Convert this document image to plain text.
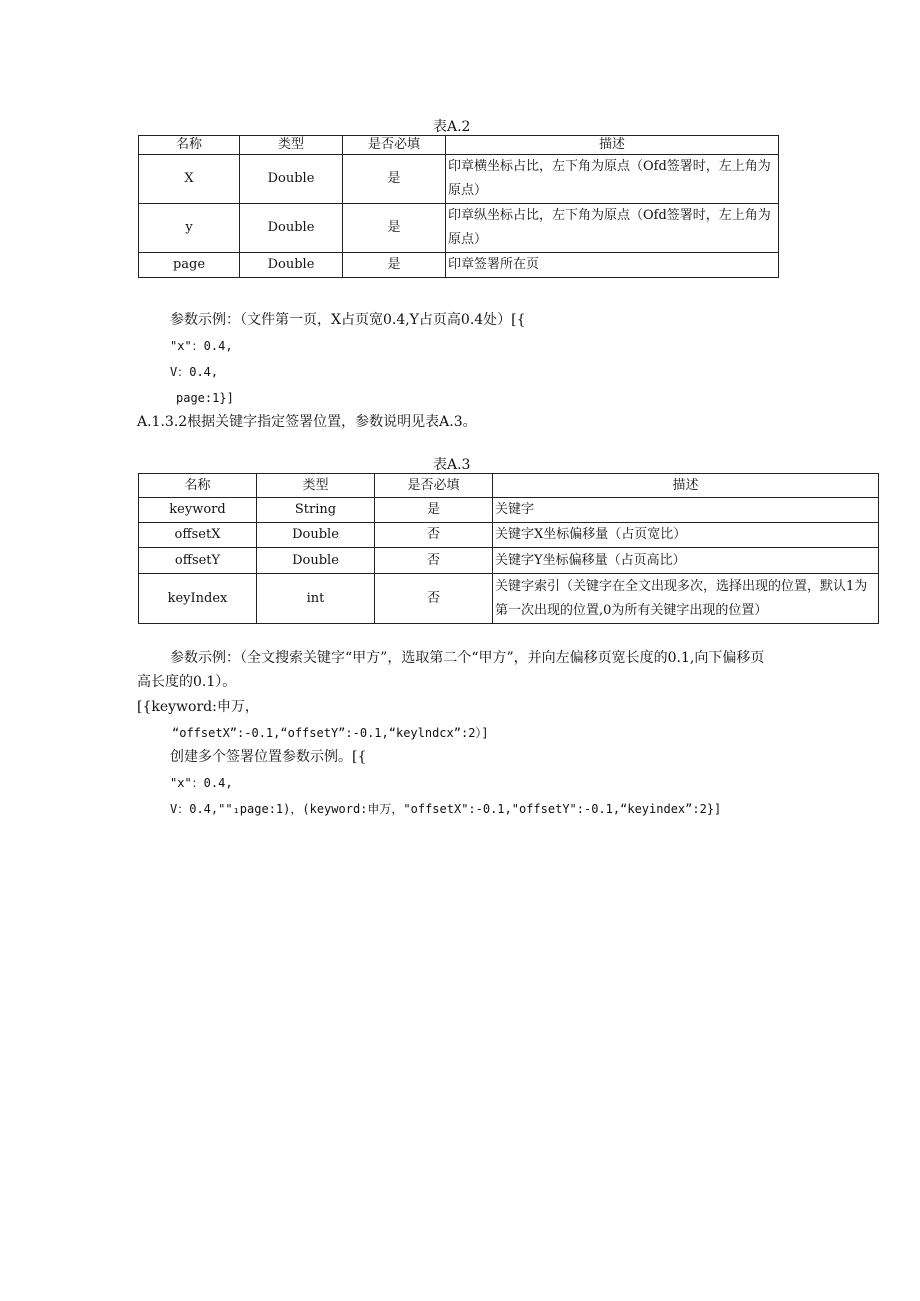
表A.2
名称	类型	是否必填	描述
X	Double	是	印章横坐标占比，左下角为原点（Ofd签署时，左上角为原点）
y	Double	是	印章纵坐标占比，左下角为原点（Ofd签署时，左上角为原点）
page	Double	是	印章签署所在页
参数示例：（文件第一页，X占页宽0.4,Y占页高0.4处）[{
"x"：0.4,
V：0.4,
page:1}]
A.1.3.2根据关键字指定签署位置，参数说明见表A.3。
表A.3
名称	类型	是否必填	描述
keyword	String	是	关键字
offsetX	Double	否	关键字X坐标偏移量（占页宽比）
offsetY	Double	否	关键字Y坐标偏移量（占页高比）
keyIndex	int	否	关键字索引（关键字在全文出现多次，选择出现的位置，默认1为第一次出现的位置,0为所有关键字出现的位置）
参数示例：（全文搜索关键字“甲方”，选取第二个“甲方”，并向左偏移页宽长度的0.1,向下偏移页
高长度的0.1）。
[{keyword:申万，
“offsetX”:-0.1,“offsetY”:-0.1,“keylndcx”:2）]
创建多个签署位置参数示例。[{
"x"：0.4,
V：0.4,""₁page:1)，(keyword:申万，"offsetX":-0.1,"offsetY":-0.1,“keyindex”:2}]
